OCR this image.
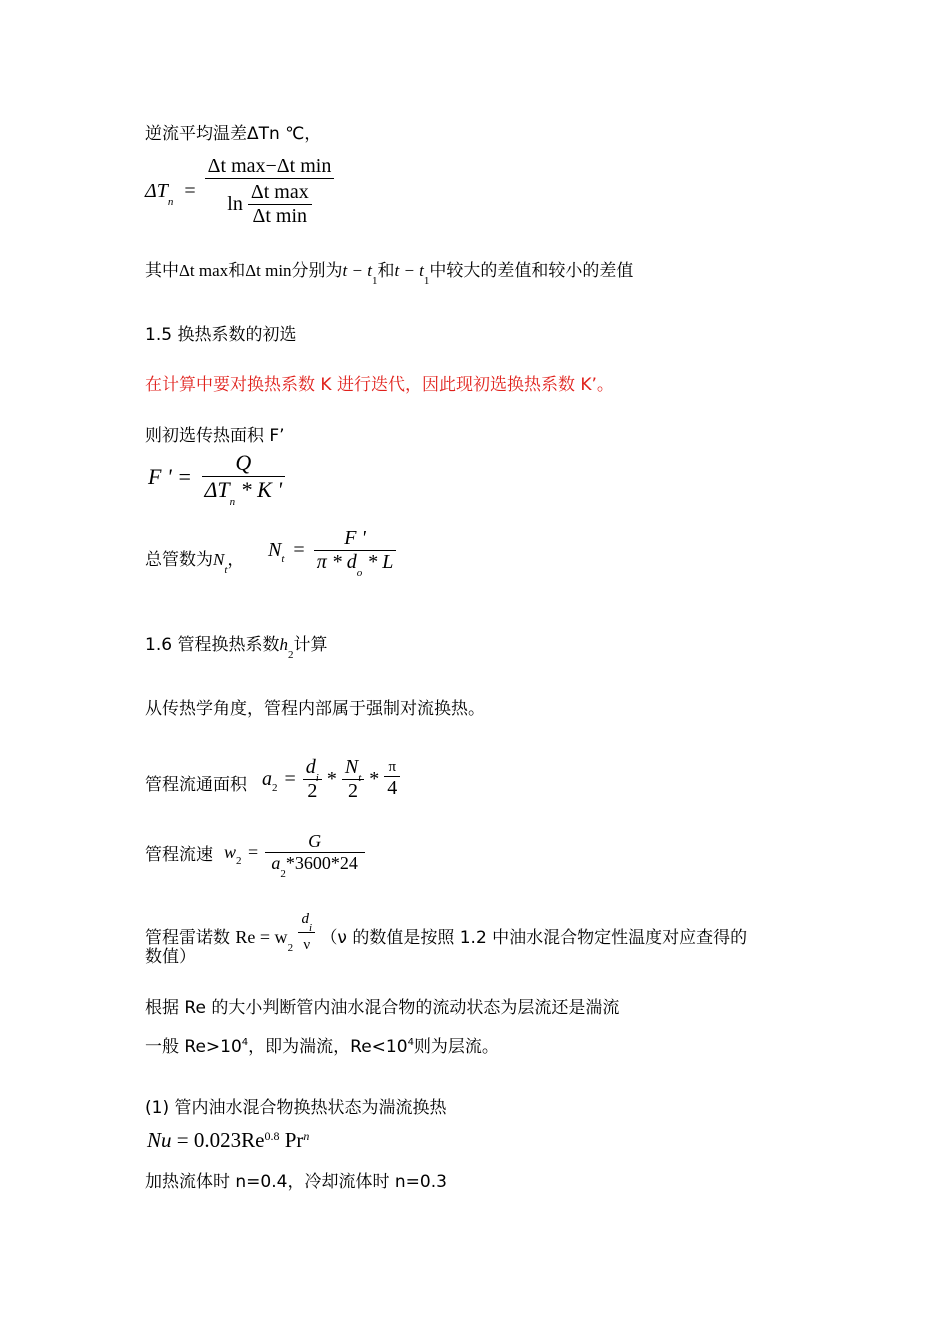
逆流平均温差ΔTn ℃，
$\Delta T_n = \frac{\text{Δt max−Δt min}}{\ln \frac{\text{Δt max}}{\text{Δt min}}}$
其中Δt max和Δt min分别为$t - t_1$和$t - t_1$中较大的差值和较小的差值
1.5 换热系数的初选
在计算中要对换热系数 K 进行迭代，因此现初选换热系数 K’。
则初选传热面积 F’
F ' = $\frac{Q}{\Delta T_n * K '}$
总管数为$N_t$， $N_t = \frac{F '}{\pi * d_o * L}$
1.6 管程换热系数$h_2$计算
从传热学角度，管程内部属于强制对流换热。
管程流通面积 $a_2 = \frac{d_i}{2} * \frac{N_t}{2} * \frac{\pi}{4}$
管程流速 $w_2 = \frac{G}{a_2*3600*24}$
管程雷诺数 $Re = w_2 \frac{d_i}{\nu} (\nu$ 的数值是按照 1.2 中油水混合物定性温度对应查得的
数值）
根据 Re 的大小判断管内油水混合物的流动状态为层流还是湍流
一般 $Re>10^4$，即为湍流，$Re<10^4$则为层流。
(1) 管内油水混合物换热状态为湍流换热
$Nu = 0.023Re^{0.8}$ Pr$^n$
加热流体时 n=0.4，冷却流体时 n=0.3
